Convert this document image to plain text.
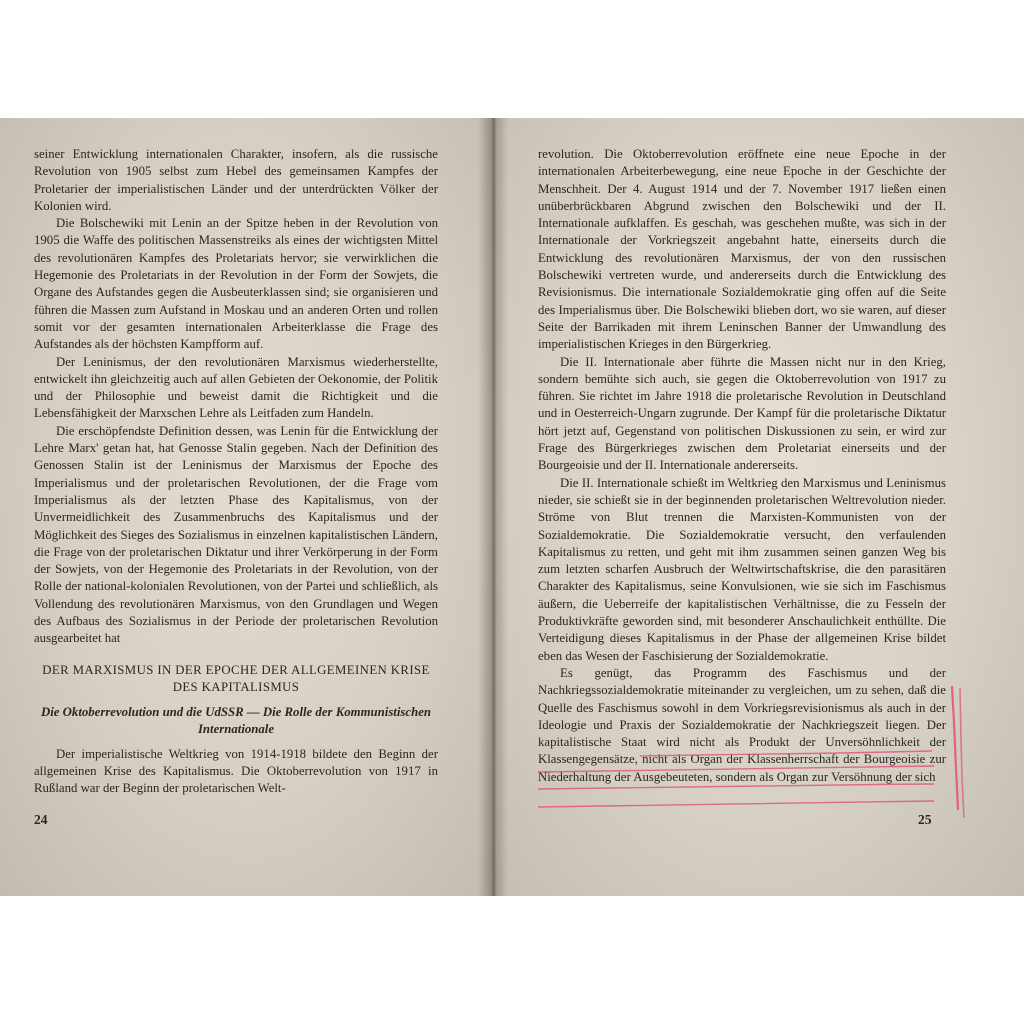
seiner Entwicklung internationalen Charakter, insofern, als die russische Revolution von 1905 selbst zum Hebel des gemeinsamen Kampfes der Proletarier der imperialistischen Länder und der unterdrückten Völker der Kolonien wird.

Die Bolschewiki mit Lenin an der Spitze heben in der Revolution von 1905 die Waffe des politischen Massenstreiks als eines der wichtigsten Mittel des revolutionären Kampfes des Proletariats hervor; sie verwirklichen die Hegemonie des Proletariats in der Revolution in der Form der Sowjets, die Organe des Aufstandes gegen die Ausbeuterklassen sind; sie organisieren und führen die Massen zum Aufstand in Moskau und an anderen Orten und rollen somit vor der gesamten internationalen Arbeiterklasse die Frage des Aufstandes als der höchsten Kampfform auf.

Der Leninismus, der den revolutionären Marxismus wiederherstellte, entwickelt ihn gleichzeitig auch auf allen Gebieten der Oekonomie, der Politik und der Philosophie und beweist damit die Richtigkeit und die Lebensfähigkeit der Marxschen Lehre als Leitfaden zum Handeln.

Die erschöpfendste Definition dessen, was Lenin für die Entwicklung der Lehre Marx' getan hat, hat Genosse Stalin gegeben. Nach der Definition des Genossen Stalin ist der Leninismus der Marxismus der Epoche des Imperialismus und der proletarischen Revolutionen, der die Frage vom Imperialismus als der letzten Phase des Kapitalismus, von der Unvermeidlichkeit des Zusammenbruchs des Kapitalismus und der Möglichkeit des Sieges des Sozialismus in einzelnen kapitalistischen Ländern, die Frage von der proletarischen Diktatur und ihrer Verkörperung in der Form der Sowjets, von der Hegemonie des Proletariats in der Revolution, von der Rolle der national-kolonialen Revolutionen, von der Partei und schließlich, als Vollendung des revolutionären Marxismus, von den Grundlagen und Wegen des Aufbaus des Sozialismus in der Periode der proletarischen Revolution ausgearbeitet hat

DER MARXISMUS IN DER EPOCHE DER ALLGEMEINEN KRISE DES KAPITALISMUS
Die Oktoberrevolution und die UdSSR — Die Rolle der Kommunistischen Internationale

Der imperialistische Weltkrieg von 1914-1918 bildete den Beginn der allgemeinen Krise des Kapitalismus. Die Oktoberrevolution von 1917 in Rußland war der Beginn der proletarischen Welt-

24

revolution. Die Oktoberrevolution eröffnete eine neue Epoche in der internationalen Arbeiterbewegung, eine neue Epoche in der Geschichte der Menschheit. Der 4. August 1914 und der 7. November 1917 ließen einen unüberbrückbaren Abgrund zwischen den Bolschewiki und der II. Internationale aufklaffen. Es geschah, was geschehen mußte, was sich in der Internationale der Vorkriegszeit angebahnt hatte, einerseits durch die Entwicklung des revolutionären Marxismus, der von den russischen Bolschewiki vertreten wurde, und andererseits durch die Entwicklung des Revisionismus. Die internationale Sozialdemokratie ging offen auf die Seite des Imperialismus über. Die Bolschewiki blieben dort, wo sie waren, auf dieser Seite der Barrikaden mit ihrem Leninschen Banner der Umwandlung des imperialistischen Krieges in den Bürgerkrieg.

Die II. Internationale aber führte die Massen nicht nur in den Krieg, sondern bemühte sich auch, sie gegen die Oktoberrevolution von 1917 zu führen. Sie richtet im Jahre 1918 die proletarische Revolution in Deutschland und in Oesterreich-Ungarn zugrunde. Der Kampf für die proletarische Diktatur hört jetzt auf, Gegenstand von politischen Diskussionen zu sein, er wird zur Frage des Bürgerkrieges zwischen dem Proletariat einerseits und der Bourgeoisie und der II. Internationale andererseits.

Die II. Internationale schießt im Weltkrieg den Marxismus und Leninismus nieder, sie schießt sie in der beginnenden proletarischen Weltrevolution nieder. Ströme von Blut trennen die Marxisten-Kommunisten von der Sozialdemokratie. Die Sozialdemokratie versucht, den verfaulenden Kapitalismus zu retten, und geht mit ihm zusammen seinen ganzen Weg bis zum letzten scharfen Ausbruch der Weltwirtschaftskrise, die den parasitären Charakter des Kapitalismus, seine Konvulsionen, wie sie sich im Faschismus äußern, die Ueberreife der kapitalistischen Verhältnisse, die zu Fesseln der Produktivkräfte geworden sind, mit besonderer Anschaulichkeit enthüllte. Die Verteidigung dieses Kapitalismus in der Phase der allgemeinen Krise bildet eben das Wesen der Faschisierung der Sozialdemokratie.

Es genügt, das Programm des Faschismus und der Nachkriegssozialdemokratie miteinander zu vergleichen, um zu sehen, daß die Quelle des Faschismus sowohl in dem Vorkriegsrevisionismus als auch in der Ideologie und Praxis der Sozialdemokratie der Nachkriegszeit liegen. Der kapitalistische Staat wird nicht als Produkt der Unversöhnlichkeit der Klassengegensätze, nicht als Organ der Klassenherrschaft der Bourgeoisie zur Niederhaltung der Ausgebeuteten, sondern als Organ zur Versöhnung der sich

25
